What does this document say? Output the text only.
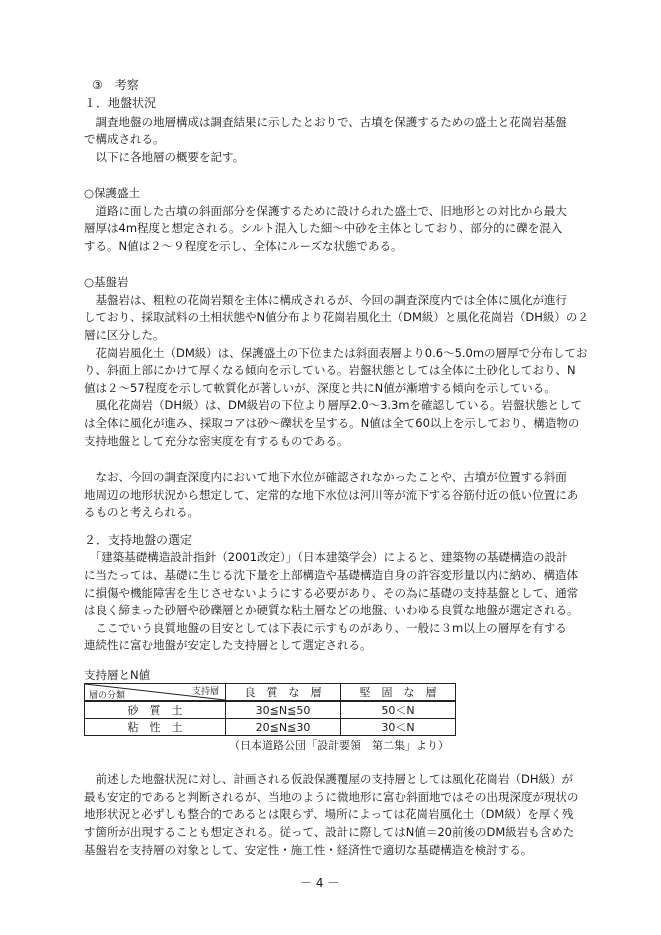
③　考察
１．地盤状況
　調査地盤の地層構成は調査結果に示したとおりで、古墳を保護するための盛土と花崗岩基盤
で構成される。
　以下に各地層の概要を記す。
○保護盛土
　道路に面した古墳の斜面部分を保護するために設けられた盛土で、旧地形との対比から最大
層厚は4m程度と想定される。シルト混入した細～中砂を主体としており、部分的に礫を混入
する。N値は２～９程度を示し、全体にルーズな状態である。
○基盤岩
　基盤岩は、粗粒の花崗岩類を主体に構成されるが、今回の調査深度内では全体に風化が進行
しており、採取試料の土相状態やN値分布より花崗岩風化土（DM級）と風化花崗岩（DH級）の２
層に区分した。
　花崗岩風化土（DM級）は、保護盛土の下位または斜面表層より0.6～5.0mの層厚で分布してお
り、斜面上部にかけて厚くなる傾向を示している。岩盤状態としては全体に土砂化しており、N
値は２～57程度を示して軟質化が著しいが、深度と共にN値が漸増する傾向を示している。
　風化花崗岩（DH級）は、DM級岩の下位より層厚2.0～3.3mを確認している。岩盤状態として
は全体に風化が進み、採取コアは砂～礫状を呈する。N値は全て60以上を示しており、構造物の
支持地盤として充分な密実度を有するものである。
　なお、今回の調査深度内において地下水位が確認されなかったことや、古墳が位置する斜面
地周辺の地形状況から想定して、定常的な地下水位は河川等が流下する谷筋付近の低い位置にあ
るものと考えられる。
２．支持地盤の選定
　「建築基礎構造設計指針（2001改定）」（日本建築学会）によると、建築物の基礎構造の設計
に当たっては、基礎に生じる沈下量を上部構造や基礎構造自身の許容変形量以内に納め、構造体
に損傷や機能障害を生じさせないようにする必要があり、その為に基礎の支持基盤として、通常
は良く締まった砂層や砂礫層とか硬質な粘土層などの地盤、いわゆる良質な地盤が選定される。
　ここでいう良質地盤の目安としては下表に示すものがあり、一般に３m以上の層厚を有する
連続性に富む地盤が安定した支持層として選定される。
支持層とN値
層の分類 支持層	良　質　な　層	堅　固　な　層
砂　質　土	30≦N≦50	50＜N
粘　性　土	20≦N≦30	30＜N
（日本道路公団「設計要領　第二集」より）
　前述した地盤状況に対し、計画される仮設保護覆屋の支持層としては風化花崗岩（DH級）が
最も安定的であると判断されるが、当地のように微地形に富む斜面地ではその出現深度が現状の
地形状況と必ずしも整合的であるとは限らず、場所によっては花崗岩風化土（DM級）を厚く残
す箇所が出現することも想定される。従って、設計に際してはN値＝20前後のDM級岩も含めた
基盤岩を支持層の対象として、安定性・施工性・経済性で適切な基礎構造を検討する。
－ 4 －
